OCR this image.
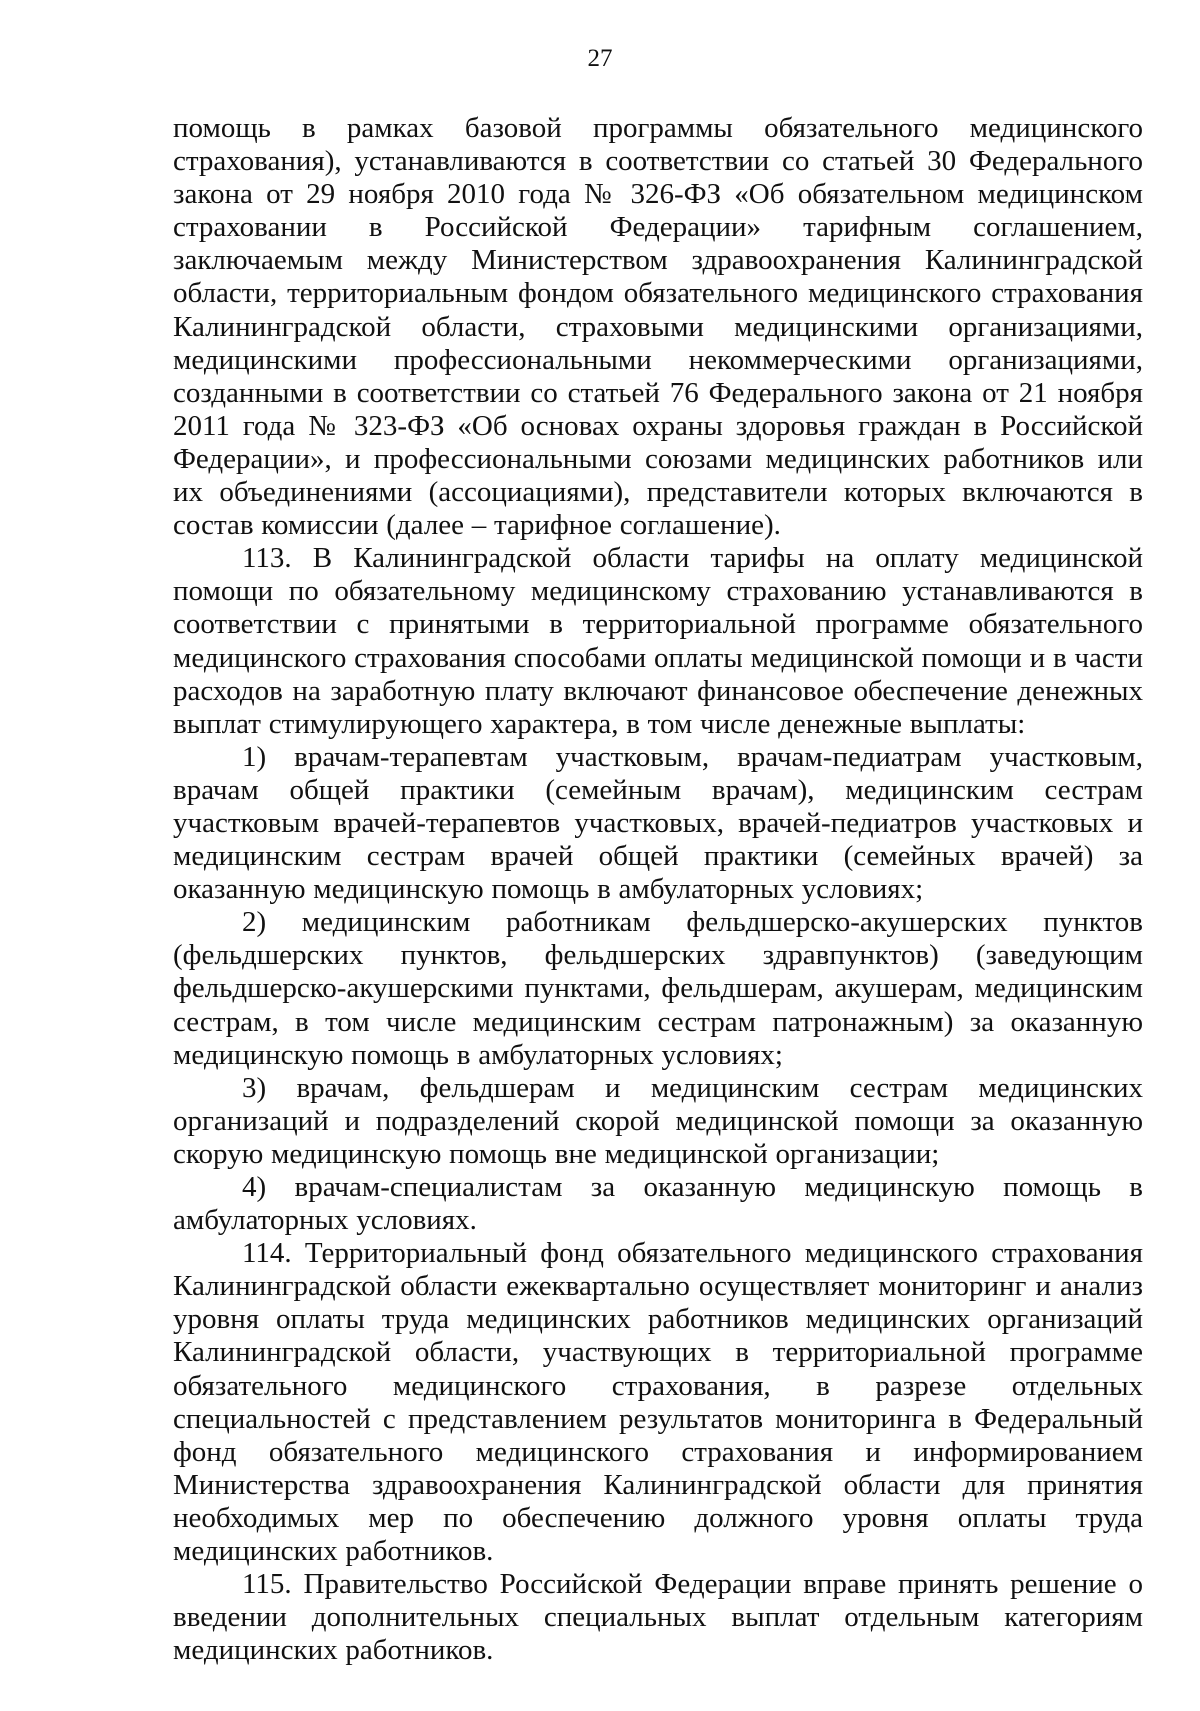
27

помощь в рамках базовой программы обязательного медицинского страхования), устанавливаются в соответствии со статьей 30 Федерального закона от 29 ноября 2010 года № 326-ФЗ «Об обязательном медицинском страховании в Российской Федерации» тарифным соглашением, заключаемым между Министерством здравоохранения Калининградской области, территориальным фондом обязательного медицинского страхования Калининградской области, страховыми медицинскими организациями, медицинскими профессиональными некоммерческими организациями, созданными в соответствии со статьей 76 Федерального закона от 21 ноября 2011 года № 323-ФЗ «Об основах охраны здоровья граждан в Российской Федерации», и профессиональными союзами медицинских работников или их объединениями (ассоциациями), представители которых включаются в состав комиссии (далее – тарифное соглашение).

113. В Калининградской области тарифы на оплату медицинской помощи по обязательному медицинскому страхованию устанавливаются в соответствии с принятыми в территориальной программе обязательного медицинского страхования способами оплаты медицинской помощи и в части расходов на заработную плату включают финансовое обеспечение денежных выплат стимулирующего характера, в том числе денежные выплаты:

1) врачам-терапевтам участковым, врачам-педиатрам участковым, врачам общей практики (семейным врачам), медицинским сестрам участковым врачей-терапевтов участковых, врачей-педиатров участковых и медицинским сестрам врачей общей практики (семейных врачей) за оказанную медицинскую помощь в амбулаторных условиях;

2) медицинским работникам фельдшерско-акушерских пунктов (фельдшерских пунктов, фельдшерских здравпунктов) (заведующим фельдшерско-акушерскими пунктами, фельдшерам, акушерам, медицинским сестрам, в том числе медицинским сестрам патронажным) за оказанную медицинскую помощь в амбулаторных условиях;

3) врачам, фельдшерам и медицинским сестрам медицинских организаций и подразделений скорой медицинской помощи за оказанную скорую медицинскую помощь вне медицинской организации;

4) врачам-специалистам за оказанную медицинскую помощь в амбулаторных условиях.

114. Территориальный фонд обязательного медицинского страхования Калининградской области ежеквартально осуществляет мониторинг и анализ уровня оплаты труда медицинских работников медицинских организаций Калининградской области, участвующих в территориальной программе обязательного медицинского страхования, в разрезе отдельных специальностей с представлением результатов мониторинга в Федеральный фонд обязательного медицинского страхования и информированием Министерства здравоохранения Калининградской области для принятия необходимых мер по обеспечению должного уровня оплаты труда медицинских работников.

115. Правительство Российской Федерации вправе принять решение о введении дополнительных специальных выплат отдельным категориям медицинских работников.
